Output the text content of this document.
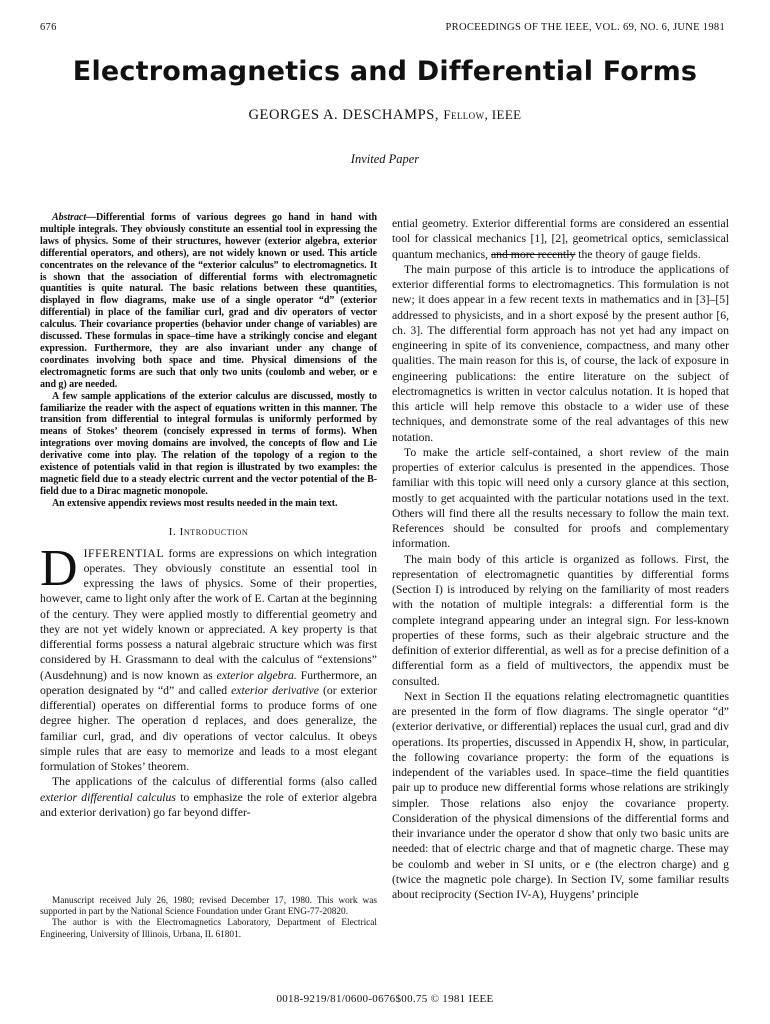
676	PROCEEDINGS OF THE IEEE, VOL. 69, NO. 6, JUNE 1981
Electromagnetics and Differential Forms
GEORGES A. DESCHAMPS, Fellow, IEEE
Invited Paper

Abstract—Differential forms of various degrees go hand in hand with multiple integrals. They obviously constitute an essential tool in expressing the laws of physics. Some of their structures, however (exterior algebra, exterior differential operators, and others), are not widely known or used. This article concentrates on the relevance of the “exterior calculus” to electromagnetics. It is shown that the association of differential forms with electromagnetic quantities is quite natural. The basic relations between these quantities, displayed in flow diagrams, make use of a single operator “d” (exterior differential) in place of the familiar curl, grad and div operators of vector calculus. Their covariance properties (behavior under change of variables) are discussed. These formulas in space–time have a strikingly concise and elegant expression. Furthermore, they are also invariant under any change of coordinates involving both space and time. Physical dimensions of the electromagnetic forms are such that only two units (coulomb and weber, or e and g) are needed.

A few sample applications of the exterior calculus are discussed, mostly to familiarize the reader with the aspect of equations written in this manner. The transition from differential to integral formulas is uniformly performed by means of Stokes’ theorem (concisely expressed in terms of forms). When integrations over moving domains are involved, the concepts of flow and Lie derivative come into play. The relation of the topology of a region to the existence of potentials valid in that region is illustrated by two examples: the magnetic field due to a steady electric current and the vector potential of the B-field due to a Dirac magnetic monopole.

An extensive appendix reviews most results needed in the main text.

I. Introduction

DIFFERENTIAL forms are expressions on which integration operates. They obviously constitute an essential tool in expressing the laws of physics. Some of their properties, however, came to light only after the work of E. Cartan at the beginning of the century. They were applied mostly to differential geometry and they are not yet widely known or appreciated. A key property is that differential forms possess a natural algebraic structure which was first considered by H. Grassmann to deal with the calculus of “extensions” (Ausdehnung) and is now known as exterior algebra. Furthermore, an operation designated by “d” and called exterior derivative (or exterior differential) operates on differential forms to produce forms of one degree higher. The operation d replaces, and does generalize, the familiar curl, grad, and div operations of vector calculus. It obeys simple rules that are easy to memorize and leads to a most elegant formulation of Stokes’ theorem.

The applications of the calculus of differential forms (also called exterior differential calculus to emphasize the role of exterior algebra and exterior derivation) go far beyond differ-

ential geometry. Exterior differential forms are considered an essential tool for classical mechanics [1], [2], geometrical optics, semiclassical quantum mechanics, and more recently the theory of gauge fields.

The main purpose of this article is to introduce the applications of exterior differential forms to electromagnetics. This formulation is not new; it does appear in a few recent texts in mathematics and in [3]–[5] addressed to physicists, and in a short exposé by the present author [6, ch. 3]. The differential form approach has not yet had any impact on engineering in spite of its convenience, compactness, and many other qualities. The main reason for this is, of course, the lack of exposure in engineering publications: the entire literature on the subject of electromagnetics is written in vector calculus notation. It is hoped that this article will help remove this obstacle to a wider use of these techniques, and demonstrate some of the real advantages of this new notation.

To make the article self-contained, a short review of the main properties of exterior calculus is presented in the appendices. Those familiar with this topic will need only a cursory glance at this section, mostly to get acquainted with the particular notations used in the text. Others will find there all the results necessary to follow the main text. References should be consulted for proofs and complementary information.

The main body of this article is organized as follows. First, the representation of electromagnetic quantities by differential forms (Section I) is introduced by relying on the familiarity of most readers with the notation of multiple integrals: a differential form is the complete integrand appearing under an integral sign. For less-known properties of these forms, such as their algebraic structure and the definition of exterior differential, as well as for a precise definition of a differential form as a field of multivectors, the appendix must be consulted.

Next in Section II the equations relating electromagnetic quantities are presented in the form of flow diagrams. The single operator “d” (exterior derivative, or differential) replaces the usual curl, grad and div operations. Its properties, discussed in Appendix H, show, in particular, the following covariance property: the form of the equations is independent of the variables used. In space–time the field quantities pair up to produce new differential forms whose relations are strikingly simpler. Those relations also enjoy the covariance property. Consideration of the physical dimensions of the differential forms and their invariance under the operator d show that only two basic units are needed: that of electric charge and that of magnetic charge. These may be coulomb and weber in SI units, or e (the electron charge) and g (twice the magnetic pole charge). In Section IV, some familiar results about reciprocity (Section IV-A), Huygens’ principle

Manuscript received July 26, 1980; revised December 17, 1980. This work was supported in part by the National Science Foundation under Grant ENG-77-20820.

The author is with the Electromagnetics Laboratory, Department of Electrical Engineering, University of Illinois, Urbana, IL 61801.

0018-9219/81/0600-0676$00.75 © 1981 IEEE
